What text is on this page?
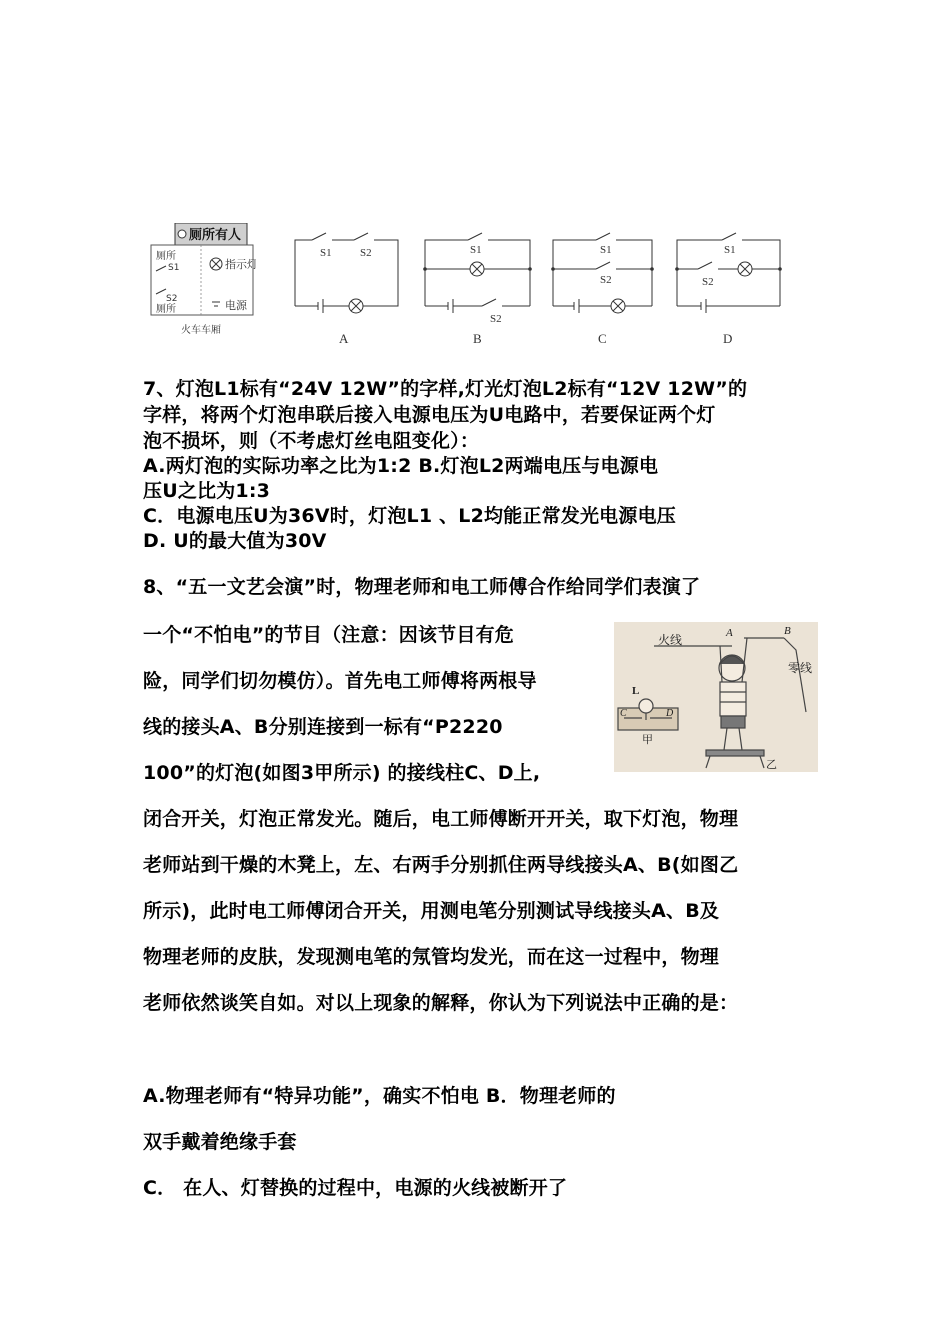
厕所有人
厕所
S1	指示灯
S2
厕所	电源
火车车厢
S1	S2	S1
S2
S1
S2
S1
S2
A	B	C	D
7、灯泡L1标有“24V 12W”的字样,灯光灯泡L2标有“12V 12W”的
字样，将两个灯泡串联后接入电源电压为U电路中，若要保证两个灯
泡不损坏，则（不考虑灯丝电阻变化）：
A.两灯泡的实际功率之比为1:2 B.灯泡L2两端电压与电源电
压U之比为1:3
C．电源电压U为36V时，灯泡L1 、L2均能正常发光电源电压
D. U的最大值为30V
8、“五一文艺会演”时，物理老师和电工师傅合作给同学们表演了
一个“不怕电”的节目（注意：因该节目有危
险，同学们切勿模仿）。首先电工师傅将两根导
线的接头A、B分别连接到一标有“P2220
100”的灯泡(如图3甲所示) 的接线柱C、D上,
闭合开关，灯泡正常发光。随后，电工师傅断开开关，取下灯泡，物理
老师站到干燥的木凳上，左、右两手分别抓住两导线接头A、B(如图乙
所示)，此时电工师傅闭合开关，用测电笔分别测试导线接头A、B及
物理老师的皮肤，发现测电笔的氖管均发光，而在这一过程中，物理
老师依然谈笑自如。对以上现象的解释，你认为下列说法中正确的是：
A.物理老师有“特异功能”，确实不怕电 B．物理老师的
双手戴着绝缘手套
C． 在人、灯替换的过程中，电源的火线被断开了
火线
零线
A	B
L
C	D
甲
乙
